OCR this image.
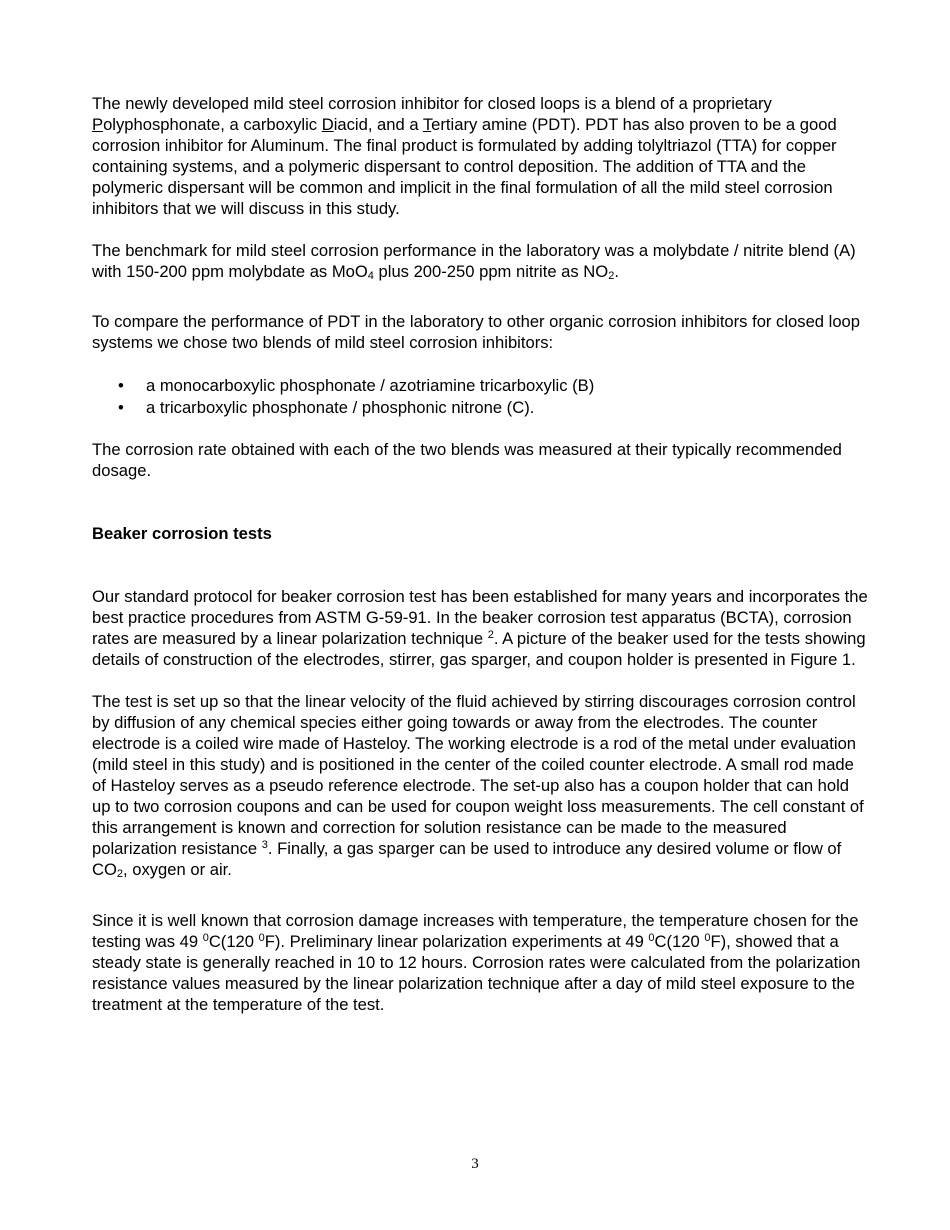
The newly developed mild steel corrosion inhibitor for closed loops is a blend of a proprietary Polyphosphonate, a carboxylic Diacid, and a Tertiary amine (PDT). PDT has also proven to be a good corrosion inhibitor for Aluminum. The final product is formulated by adding tolyltriazol (TTA) for copper containing systems, and a polymeric dispersant to control deposition. The addition of TTA and the polymeric dispersant will be common and implicit in the final formulation of all the mild steel corrosion inhibitors that we will discuss in this study.

The benchmark for mild steel corrosion performance in the laboratory was a molybdate / nitrite blend (A) with 150-200 ppm molybdate as MoO$_4$ plus 200-250 ppm nitrite as $NO_2$.

To compare the performance of PDT in the laboratory to other organic corrosion inhibitors for closed loop systems we chose two blends of mild steel corrosion inhibitors:

• a monocarboxylic phosphonate / azotriamine tricarboxylic (B)
• a tricarboxylic phosphonate / phosphonic nitrone (C).

The corrosion rate obtained with each of the two blends was measured at their typically recommended dosage.

Beaker corrosion tests

Our standard protocol for beaker corrosion test has been established for many years and incorporates the best practice procedures from ASTM G-59-91. In the beaker corrosion test apparatus (BCTA), corrosion rates are measured by a linear polarization technique $^2$. A picture of the beaker used for the tests showing details of construction of the electrodes, stirrer, gas sparger, and coupon holder is presented in Figure 1.

The test is set up so that the linear velocity of the fluid achieved by stirring discourages corrosion control by diffusion of any chemical species either going towards or away from the electrodes. The counter electrode is a coiled wire made of Hasteloy. The working electrode is a rod of the metal under evaluation (mild steel in this study) and is positioned in the center of the coiled counter electrode. A small rod made of Hasteloy serves as a pseudo reference electrode. The set-up also has a coupon holder that can hold up to two corrosion coupons and can be used for coupon weight loss measurements. The cell constant of this arrangement is known and correction for solution resistance can be made to the measured polarization resistance $^3$. Finally, a gas sparger can be used to introduce any desired volume or flow of $CO_2$, oxygen or air.

Since it is well known that corrosion damage increases with temperature, the temperature chosen for the testing was 49 $^0$C(120 $^0$F). Preliminary linear polarization experiments at 49 $^0$C(120 $^0$F), showed that a steady state is generally reached in 10 to 12 hours. Corrosion rates were calculated from the polarization resistance values measured by the linear polarization technique after a day of mild steel exposure to the treatment at the temperature of the test.

3
